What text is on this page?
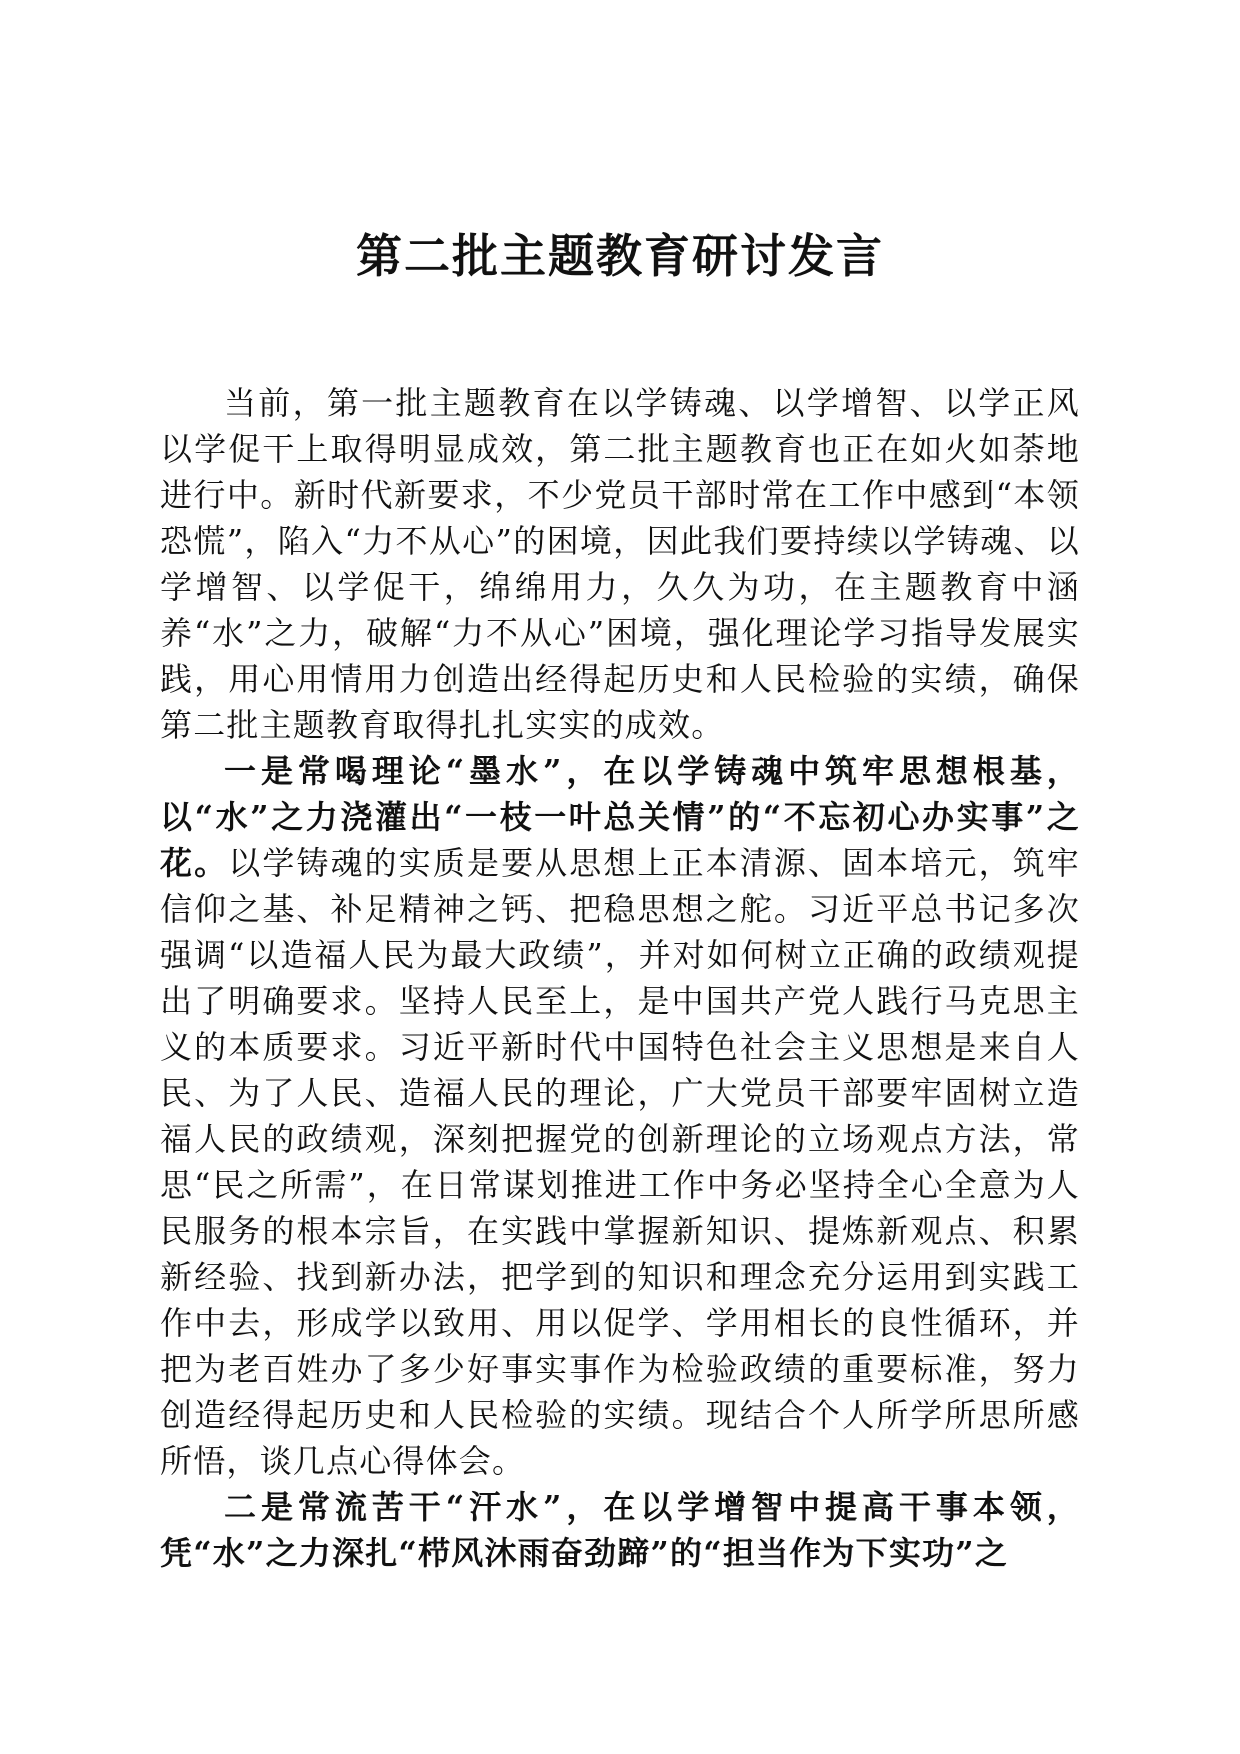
第二批主题教育研讨发言

当前，第一批主题教育在以学铸魂、以学增智、以学正风以学促干上取得明显成效，第二批主题教育也正在如火如荼地进行中。新时代新要求，不少党员干部时常在工作中感到“本领恐慌”，陷入“力不从心”的困境，因此我们要持续以学铸魂、以学增智、以学促干，绵绵用力，久久为功，在主题教育中涵养“水”之力，破解“力不从心”困境，强化理论学习指导发展实践，用心用情用力创造出经得起历史和人民检验的实绩，确保第二批主题教育取得扎扎实实的成效。

一是常喝理论“墨水”，在以学铸魂中筑牢思想根基，以“水”之力浇灌出“一枝一叶总关情”的“不忘初心办实事”之花。以学铸魂的实质是要从思想上正本清源、固本培元，筑牢信仰之基、补足精神之钙、把稳思想之舵。习近平总书记多次强调“以造福人民为最大政绩”，并对如何树立正确的政绩观提出了明确要求。坚持人民至上，是中国共产党人践行马克思主义的本质要求。习近平新时代中国特色社会主义思想是来自人民、为了人民、造福人民的理论，广大党员干部要牢固树立造福人民的政绩观，深刻把握党的创新理论的立场观点方法，常思“民之所需”，在日常谋划推进工作中务必坚持全心全意为人民服务的根本宗旨，在实践中掌握新知识、提炼新观点、积累新经验、找到新办法，把学到的知识和理念充分运用到实践工作中去，形成学以致用、用以促学、学用相长的良性循环，并把为老百姓办了多少好事实事作为检验政绩的重要标准，努力创造经得起历史和人民检验的实绩。现结合个人所学所思所感所悟，谈几点心得体会。

二是常流苦干“汗水”，在以学增智中提高干事本领，凭“水”之力深扎“栉风沐雨奋劲蹄”的“担当作为下实功”之
